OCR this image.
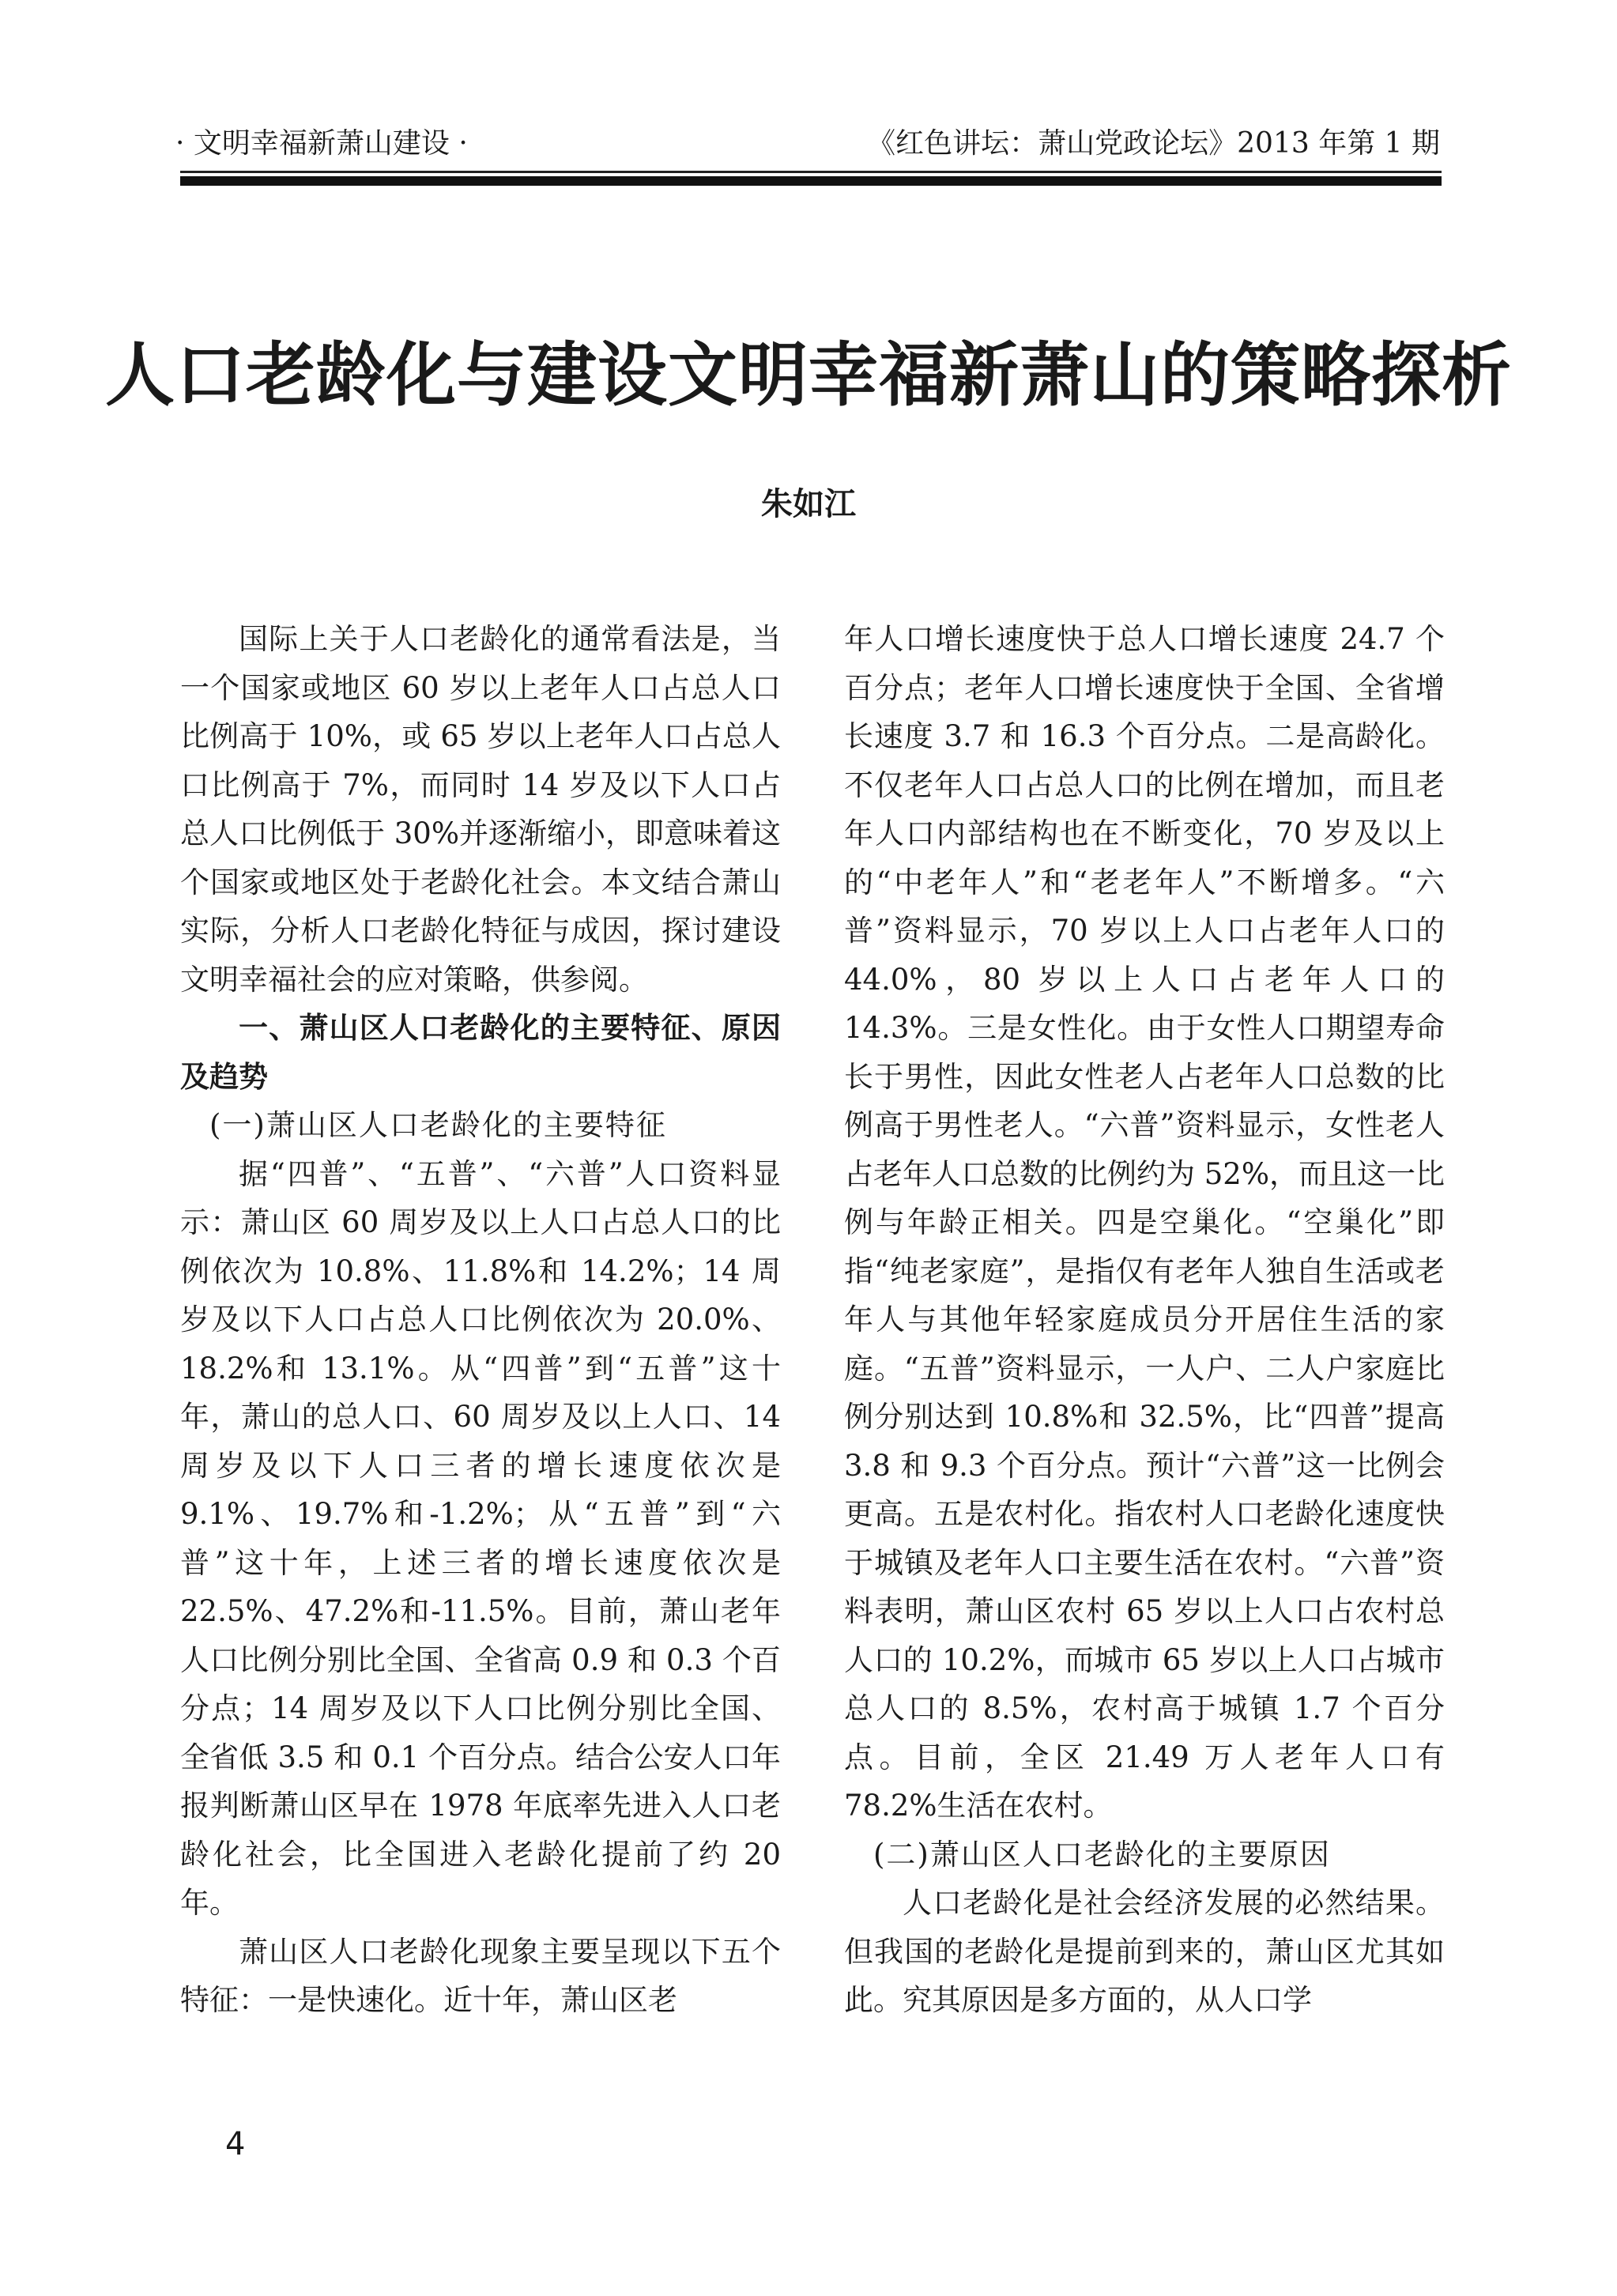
· 文明幸福新萧山建设 ·	《红色讲坛：萧山党政论坛》2013 年第 1 期
人口老龄化与建设文明幸福新萧山的策略探析
朱如江

国际上关于人口老龄化的通常看法是，当一个国家或地区 60 岁以上老年人口占总人口比例高于 10%，或 65 岁以上老年人口占总人口比例高于 7%，而同时 14 岁及以下人口占总人口比例低于 30%并逐渐缩小，即意味着这个国家或地区处于老龄化社会。本文结合萧山实际，分析人口老龄化特征与成因，探讨建设文明幸福社会的应对策略，供参阅。

一、萧山区人口老龄化的主要特征、原因及趋势

(一)萧山区人口老龄化的主要特征

据“四普”、“五普”、“六普”人口资料显示：萧山区 60 周岁及以上人口占总人口的比例依次为 10.8%、11.8%和 14.2%；14 周岁及以下人口占总人口比例依次为 20.0%、18.2%和 13.1%。从“四普”到“五普”这十年，萧山的总人口、60 周岁及以上人口、14 周岁及以下人口三者的增长速度依次是 9.1%、19.7%和-1.2%；从“五普”到“六普”这十年，上述三者的增长速度依次是 22.5%、47.2%和-11.5%。目前，萧山老年人口比例分别比全国、全省高 0.9 和 0.3 个百分点；14 周岁及以下人口比例分别比全国、全省低 3.5 和 0.1 个百分点。结合公安人口年报判断萧山区早在 1978 年底率先进入人口老龄化社会，比全国进入老龄化提前了约 20 年。

萧山区人口老龄化现象主要呈现以下五个特征：一是快速化。近十年，萧山区老

年人口增长速度快于总人口增长速度 24.7 个百分点；老年人口增长速度快于全国、全省增长速度 3.7 和 16.3 个百分点。二是高龄化。不仅老年人口占总人口的比例在增加，而且老年人口内部结构也在不断变化，70 岁及以上的“中老年人”和“老老年人”不断增多。“六普”资料显示，70 岁以上人口占老年人口的 44.0%，80 岁以上人口占老年人口的 14.3%。三是女性化。由于女性人口期望寿命长于男性，因此女性老人占老年人口总数的比例高于男性老人。“六普”资料显示，女性老人占老年人口总数的比例约为 52%，而且这一比例与年龄正相关。四是空巢化。“空巢化”即指“纯老家庭”，是指仅有老年人独自生活或老年人与其他年轻家庭成员分开居住生活的家庭。“五普”资料显示，一人户、二人户家庭比例分别达到 10.8%和 32.5%，比“四普”提高 3.8 和 9.3 个百分点。预计“六普”这一比例会更高。五是农村化。指农村人口老龄化速度快于城镇及老年人口主要生活在农村。“六普”资料表明，萧山区农村 65 岁以上人口占农村总人口的 10.2%，而城市 65 岁以上人口占城市总人口的 8.5%，农村高于城镇 1.7 个百分点。目前，全区 21.49 万人老年人口有 78.2%生活在农村。

(二)萧山区人口老龄化的主要原因

人口老龄化是社会经济发展的必然结果。但我国的老龄化是提前到来的，萧山区尤其如此。究其原因是多方面的，从人口学

4
